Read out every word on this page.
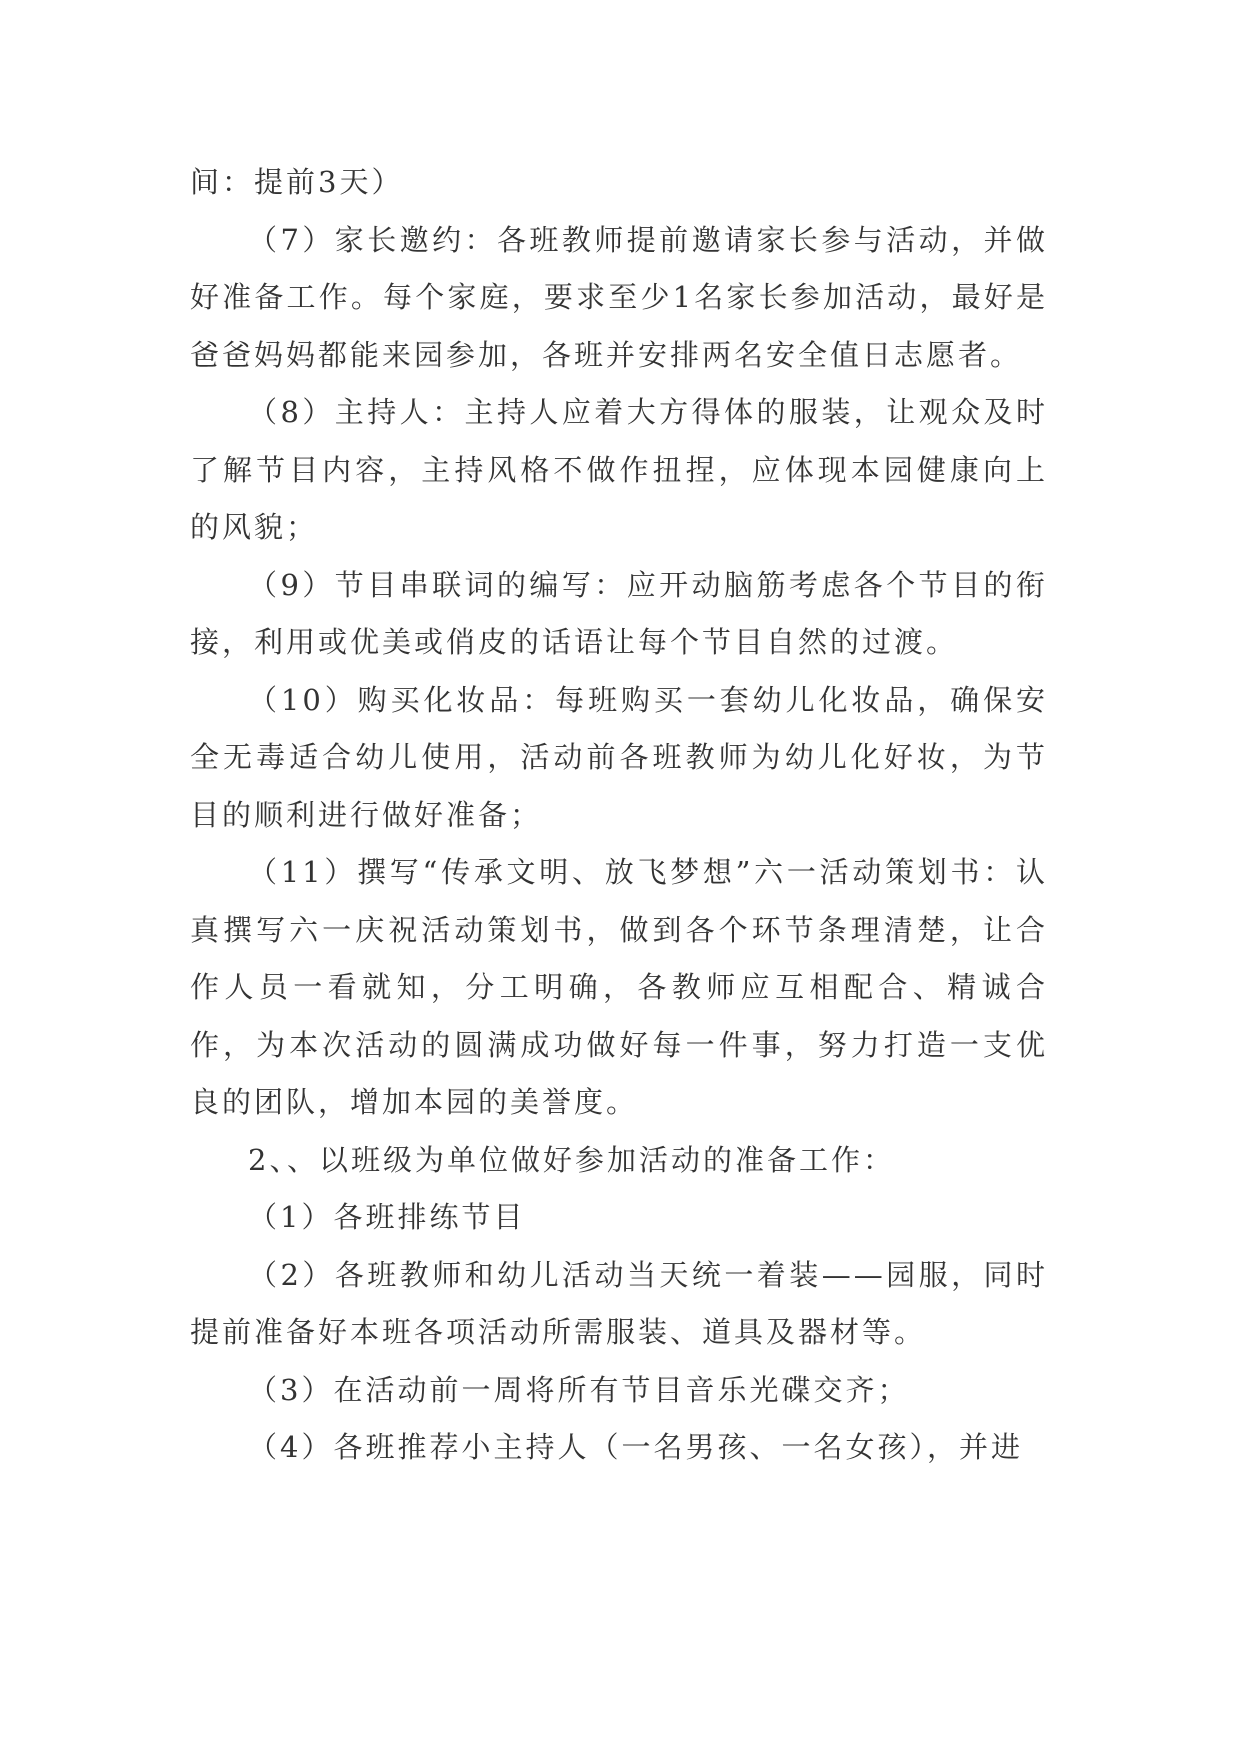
间：提前3天）

（7）家长邀约：各班教师提前邀请家长参与活动，并做好准备工作。每个家庭，要求至少1名家长参加活动，最好是爸爸妈妈都能来园参加，各班并安排两名安全值日志愿者。

（8）主持人：主持人应着大方得体的服装，让观众及时了解节目内容，主持风格不做作扭捏，应体现本园健康向上的风貌；

（9）节目串联词的编写：应开动脑筋考虑各个节目的衔接，利用或优美或俏皮的话语让每个节目自然的过渡。

（10）购买化妆品：每班购买一套幼儿化妆品，确保安全无毒适合幼儿使用，活动前各班教师为幼儿化好妆，为节目的顺利进行做好准备；

（11）撰写“传承文明、放飞梦想”六一活动策划书：认真撰写六一庆祝活动策划书，做到各个环节条理清楚，让合作人员一看就知，分工明确，各教师应互相配合、精诚合作，为本次活动的圆满成功做好每一件事，努力打造一支优良的团队，增加本园的美誉度。

2、、以班级为单位做好参加活动的准备工作：

（1）各班排练节目

（2）各班教师和幼儿活动当天统一着装——园服，同时提前准备好本班各项活动所需服装、道具及器材等。

（3）在活动前一周将所有节目音乐光碟交齐；

（4）各班推荐小主持人（一名男孩、一名女孩），并进
